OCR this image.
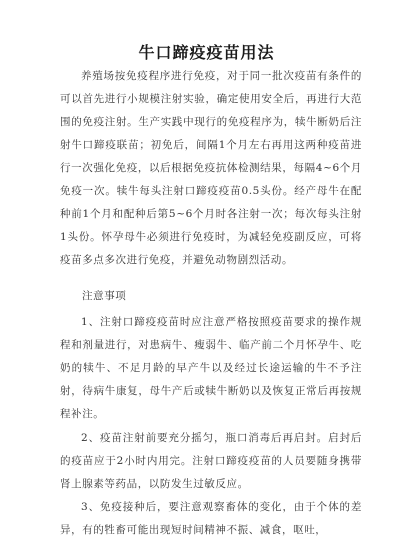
牛口蹄疫疫苗用法

养殖场按免疫程序进行免疫，对于同一批次疫苗有条件的可以首先进行小规模注射实验，确定使用安全后，再进行大范围的免疫注射。生产实践中现行的免疫程序为，犊牛断奶后注射牛口蹄疫联苗；初免后，间隔1个月左右再用这两种疫苗进行一次强化免疫，以后根据免疫抗体检测结果，每隔4~6个月免疫一次。犊牛每头注射口蹄疫疫苗0.5头份。经产母牛在配种前1个月和配种后第5~6个月时各注射一次；每次每头注射1头份。怀孕母牛必须进行免疫时，为减轻免疫副反应，可将疫苗多点多次进行免疫，并避免动物剧烈活动。

注意事项

1、注射口蹄疫疫苗时应注意严格按照疫苗要求的操作规程和剂量进行，对患病牛、瘦弱牛、临产前二个月怀孕牛、吃奶的犊牛、不足月龄的早产牛以及经过长途运输的牛不予注射，待病牛康复，母牛产后或犊牛断奶以及恢复正常后再按规程补注。

2、疫苗注射前要充分摇匀，瓶口消毒后再启封。启封后的疫苗应于2小时内用完。注射口蹄疫疫苗的人员要随身携带肾上腺素等药品，以防发生过敏反应。

3、免疫接种后，要注意观察畜体的变化，由于个体的差异，有的牲畜可能出现短时间精神不振、减食，呕吐，
